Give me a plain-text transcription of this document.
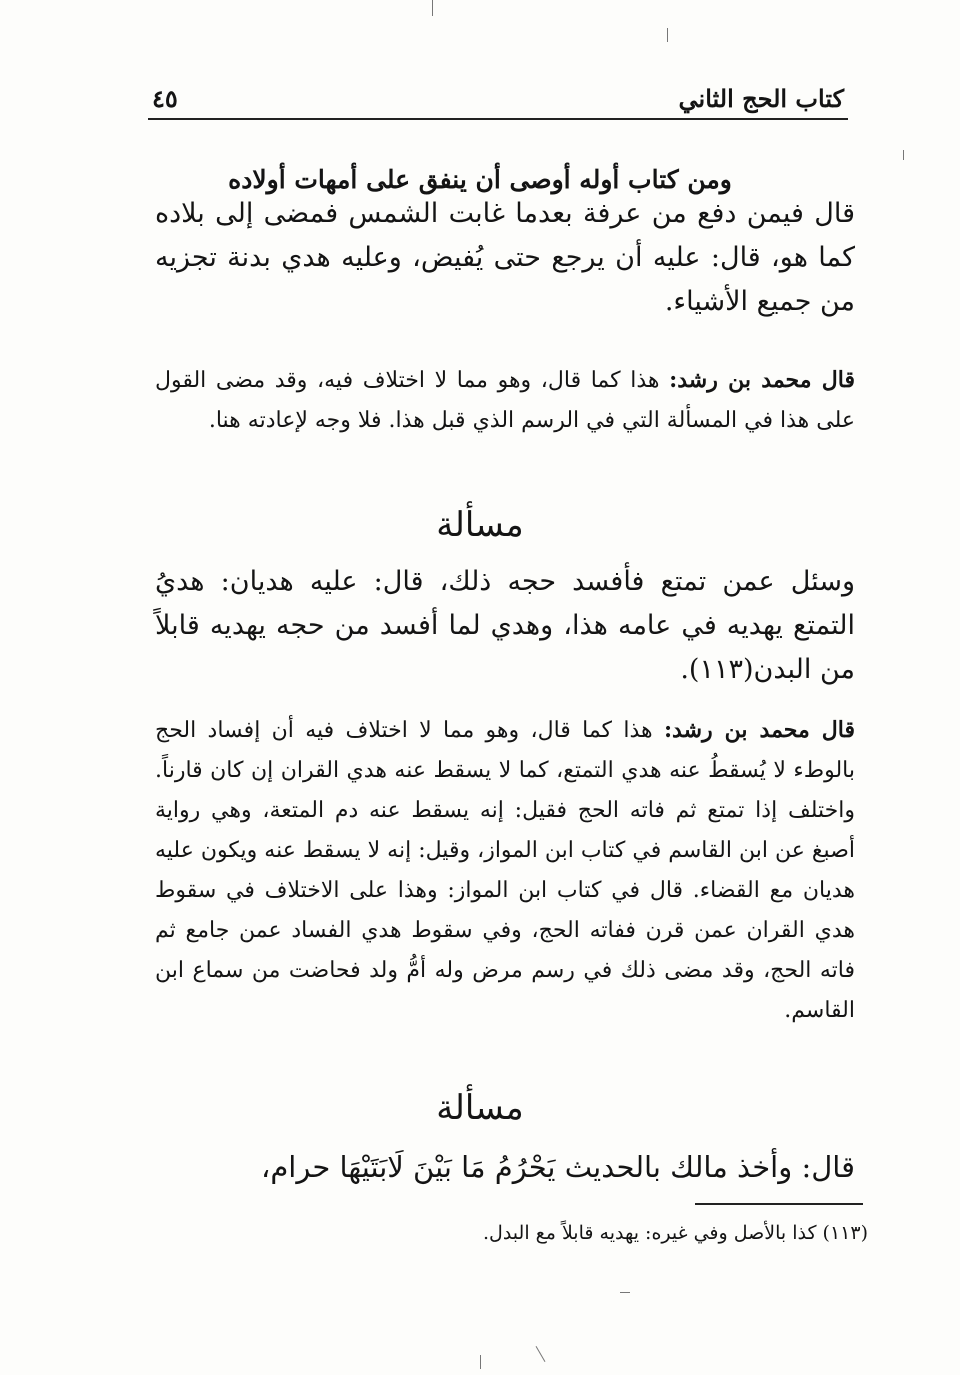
كتاب الحج الثاني
٤٥
ومن كتاب أوله أوصى أن ينفق على أمهات أولاده

قال فيمن دفع من عرفة بعدما غابت الشمس فمضى إلى بلاده كما هو، قال: عليه أن يرجع حتى يُفيض، وعليه هدي بدنة تجزيه من جميع الأشياء.

قال محمد بن رشد: هذا كما قال، وهو مما لا اختلاف فيه، وقد مضى القول على هذا في المسألة التي في الرسم الذي قبل هذا. فلا وجه لإعادته هنا.

مسألة

وسئل عمن تمتع فأفسد حجه ذلك، قال: عليه هديان: هديُ التمتع يهديه في عامه هذا، وهدي لما أفسد من حجه يهديه قابلاً من البدن(١١٣).

قال محمد بن رشد: هذا كما قال، وهو مما لا اختلاف فيه أن إفساد الحج بالوطء لا يُسقطُ عنه هدي التمتع، كما لا يسقط عنه هدي القران إن كان قارناً. واختلف إذا تمتع ثم فاته الحج فقيل: إنه يسقط عنه دم المتعة، وهي رواية أصبغ عن ابن القاسم في كتاب ابن المواز، وقيل: إنه لا يسقط عنه ويكون عليه هديان مع القضاء. قال في كتاب ابن المواز: وهذا على الاختلاف في سقوط هدي القران عمن قرن ففاته الحج، وفي سقوط هدي الفساد عمن جامع ثم فاته الحج، وقد مضى ذلك في رسم مرض وله أمُّ ولد فحاضت من سماع ابن القاسم.

مسألة

قال: وأخذ مالك بالحديث يَحْرُمُ مَا بَيْنَ لَابَتَيْهَا حرام،

(١١٣) كذا بالأصل وفي غيره: يهديه قابلاً مع البدل.
